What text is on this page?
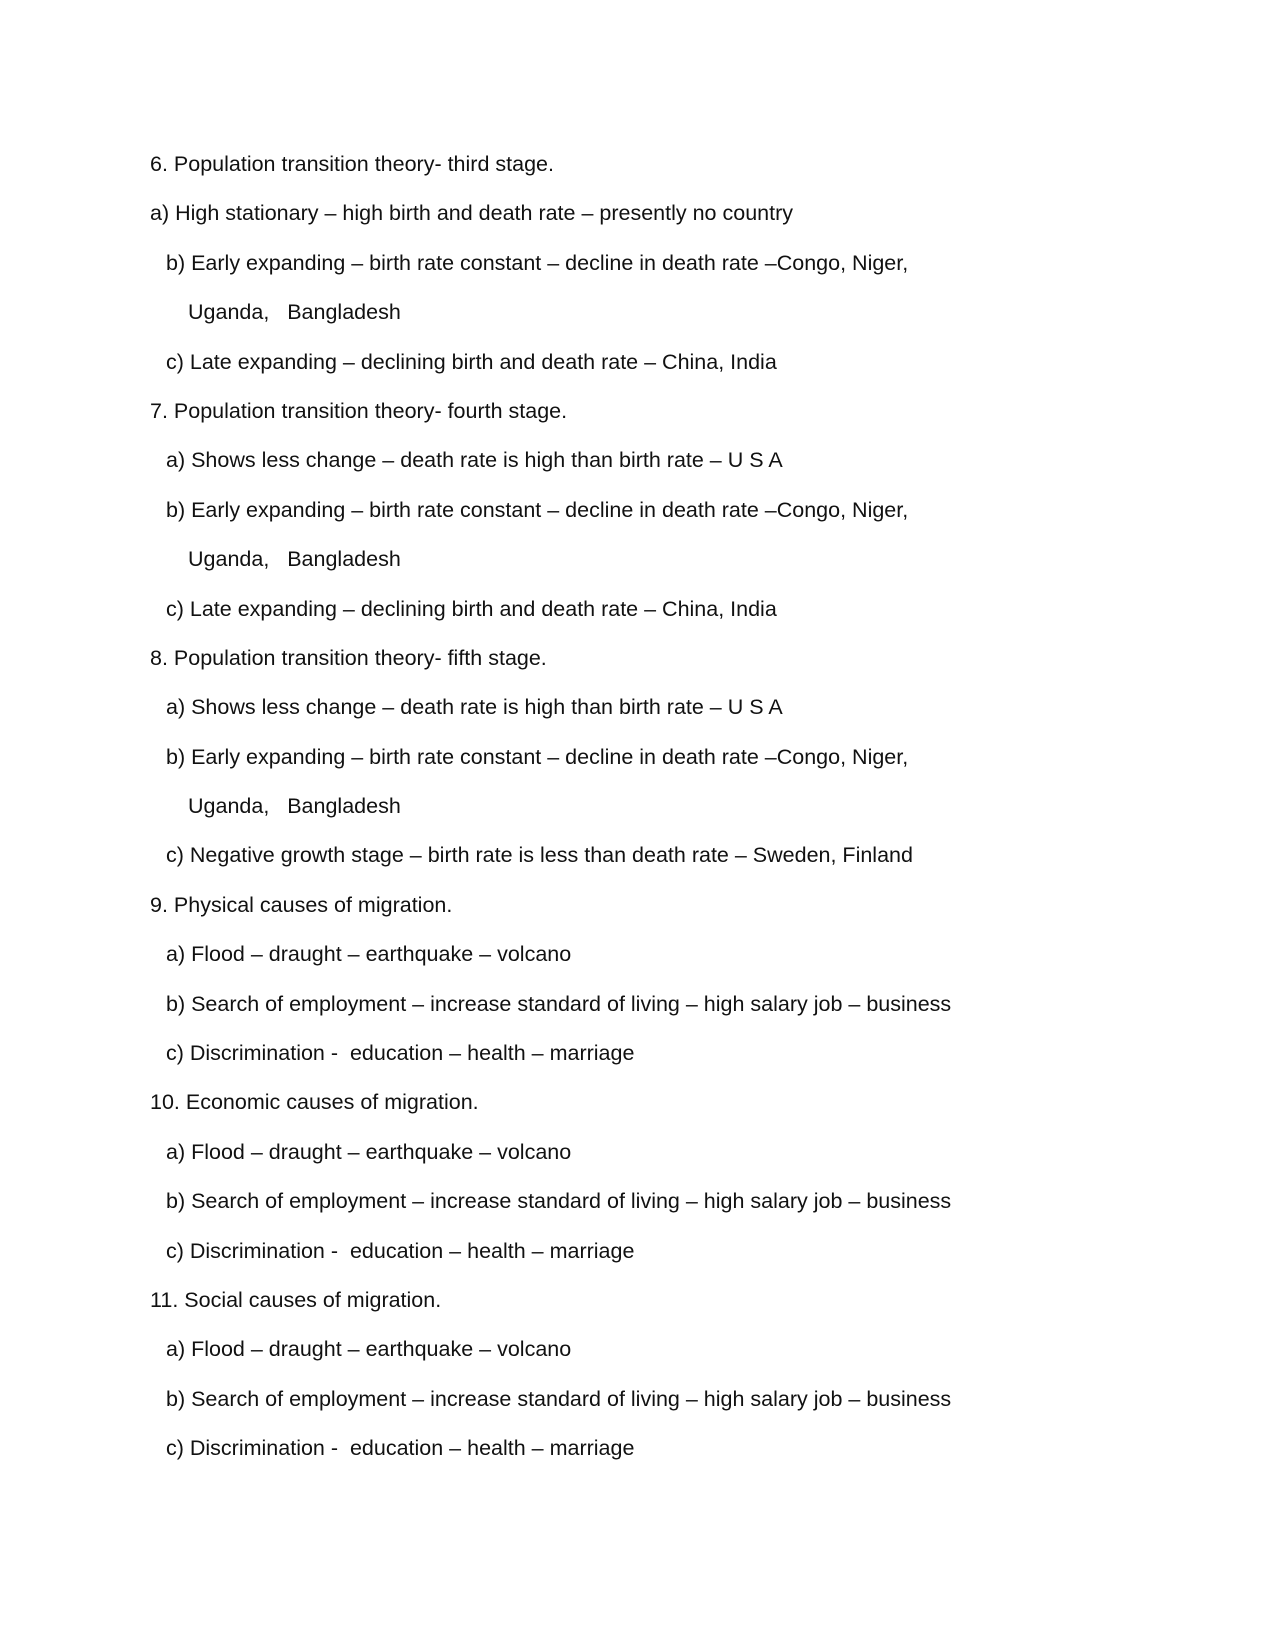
6. Population transition theory- third stage.
a) High stationary – high birth and death rate – presently no country
b) Early expanding – birth rate constant – decline in death rate –Congo, Niger,
Uganda,   Bangladesh
c) Late expanding – declining birth and death rate – China, India
7. Population transition theory- fourth stage.
a) Shows less change – death rate is high than birth rate – U S A
b) Early expanding – birth rate constant – decline in death rate –Congo, Niger,
Uganda,   Bangladesh
c) Late expanding – declining birth and death rate – China, India
8. Population transition theory- fifth stage.
a) Shows less change – death rate is high than birth rate – U S A
b) Early expanding – birth rate constant – decline in death rate –Congo, Niger,
Uganda,   Bangladesh
c) Negative growth stage – birth rate is less than death rate – Sweden, Finland
9. Physical causes of migration.
a) Flood – draught – earthquake – volcano
b) Search of employment – increase standard of living – high salary job – business
c) Discrimination -  education – health – marriage
10. Economic causes of migration.
a) Flood – draught – earthquake – volcano
b) Search of employment – increase standard of living – high salary job – business
c) Discrimination -  education – health – marriage
11. Social causes of migration.
a) Flood – draught – earthquake – volcano
b) Search of employment – increase standard of living – high salary job – business
c) Discrimination -  education – health – marriage
